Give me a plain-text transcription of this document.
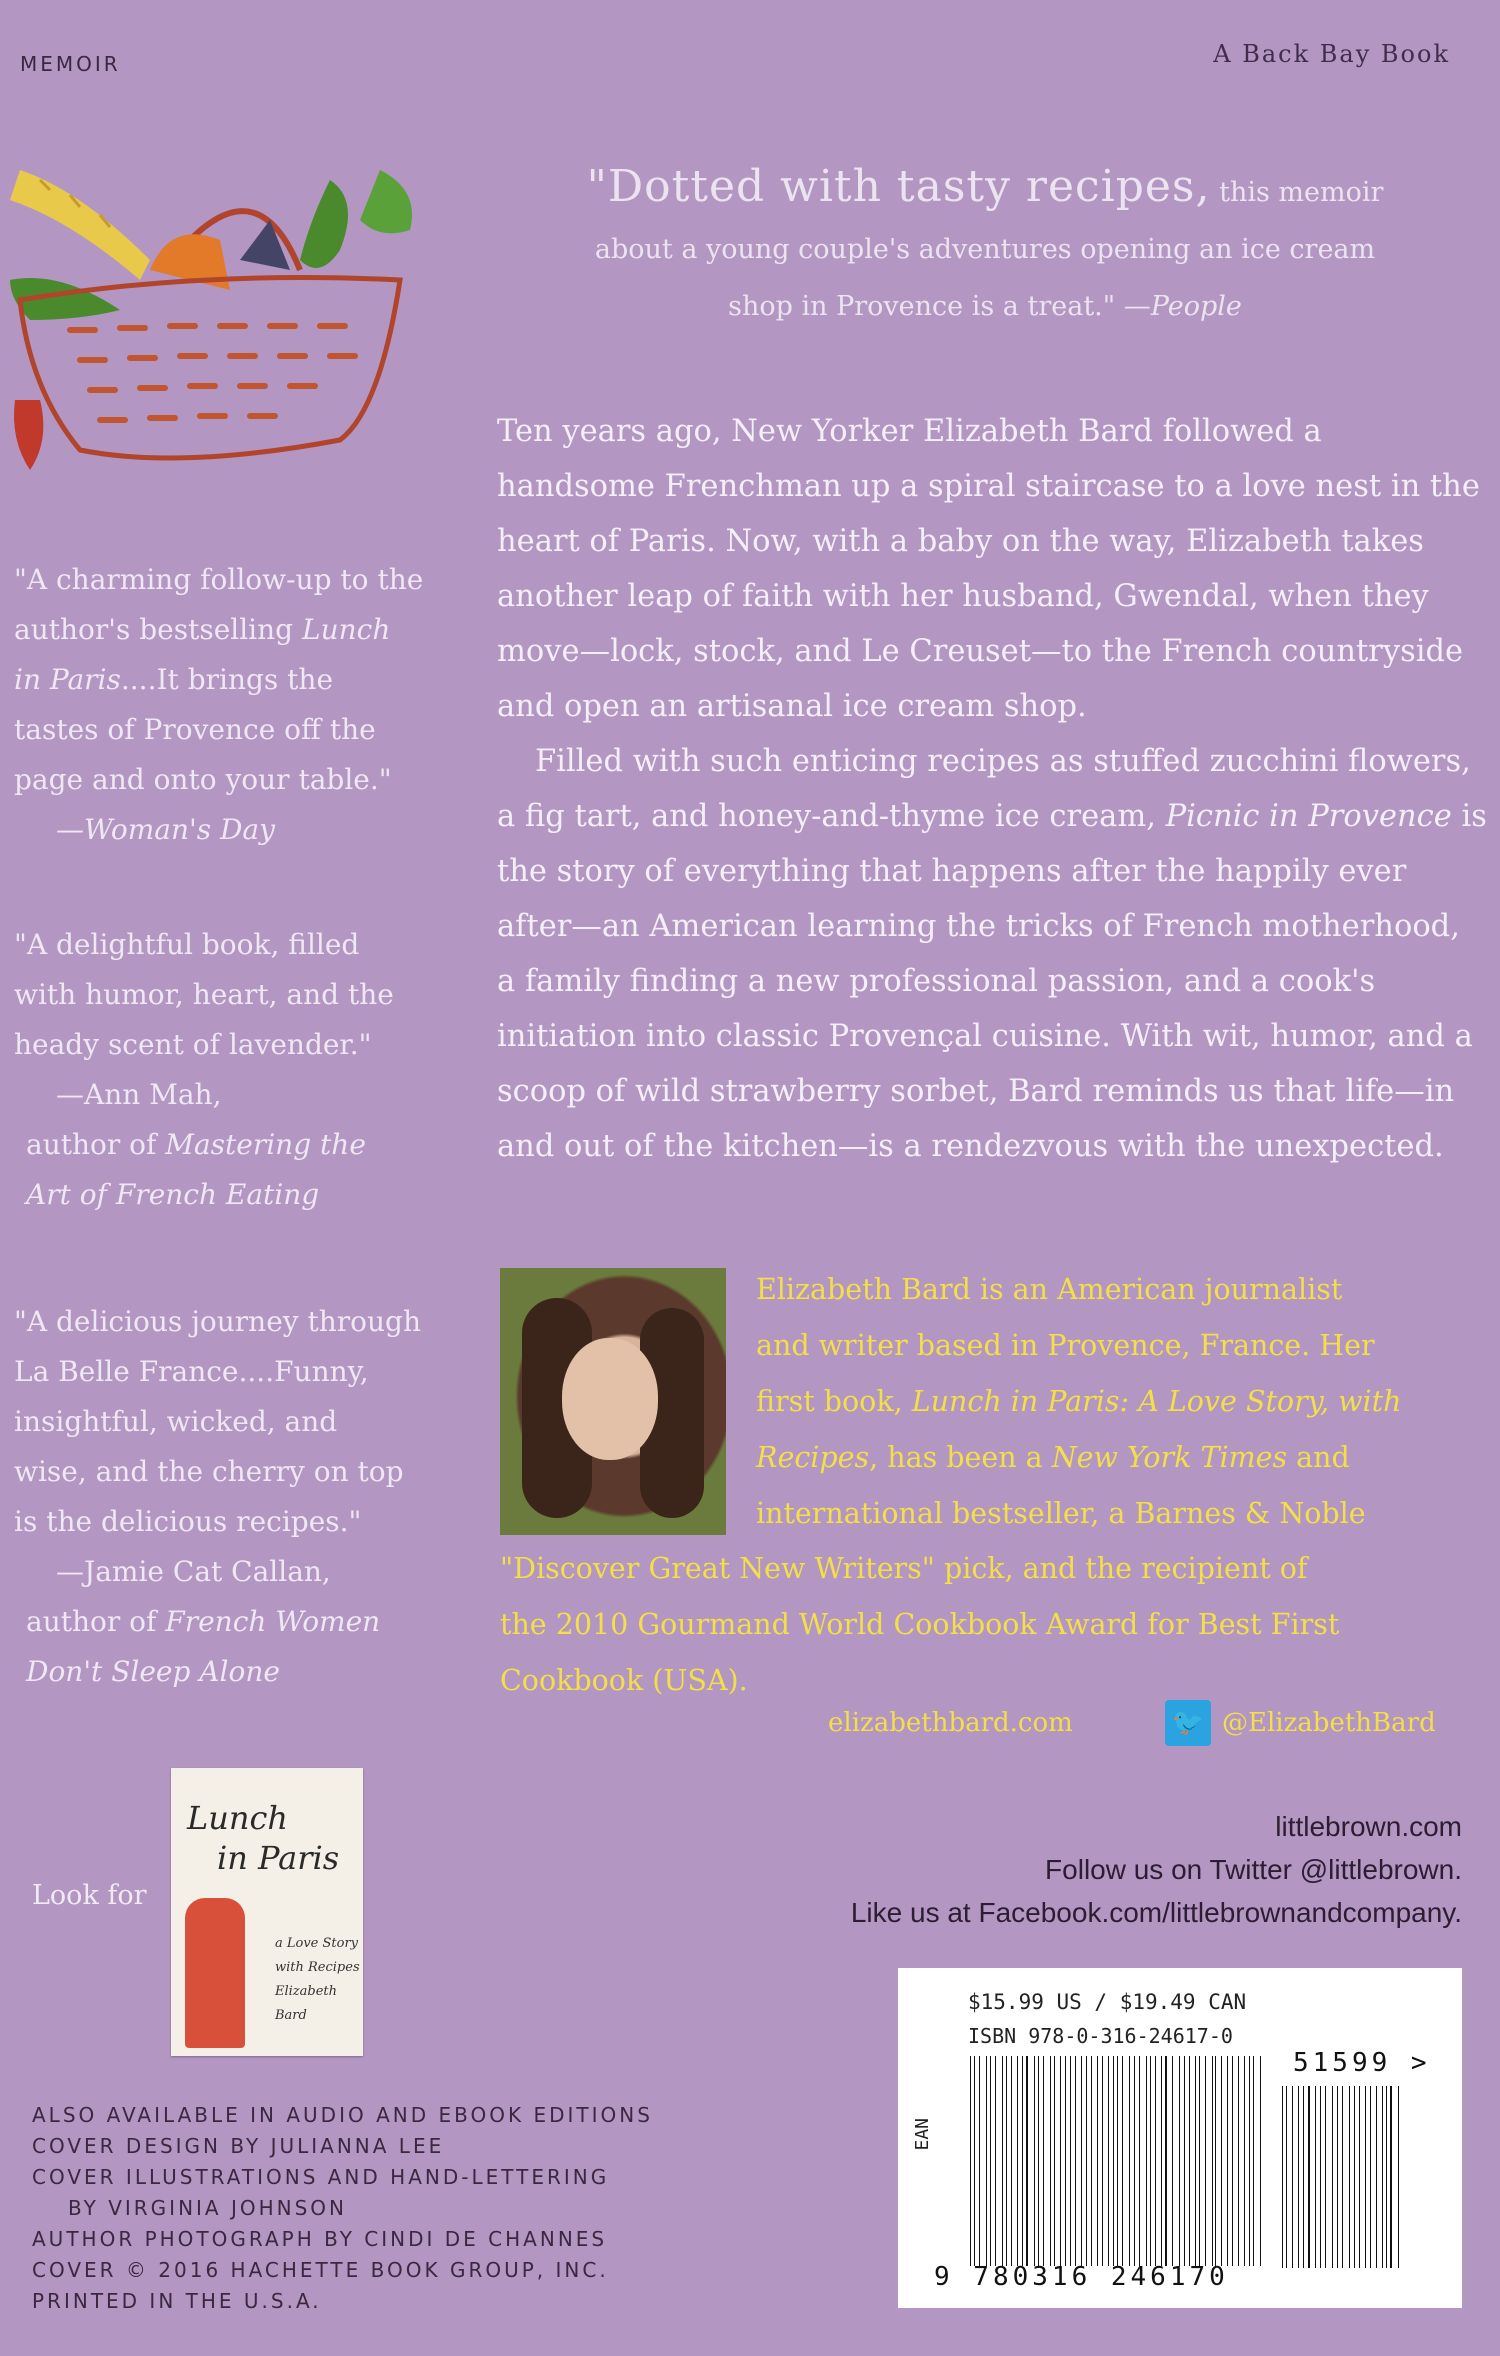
MEMOIR	A Back Bay Book
"Dotted with tasty recipes, this memoir
about a young couple's adventures opening an ice cream
shop in Provence is a treat." —People

Ten years ago, New Yorker Elizabeth Bard followed a handsome Frenchman up a spiral staircase to a love nest in the heart of Paris. Now, with a baby on the way, Elizabeth takes another leap of faith with her husband, Gwendal, when they move—lock, stock, and Le Creuset—to the French countryside and open an artisanal ice cream shop.

Filled with such enticing recipes as stuffed zucchini flowers, a fig tart, and honey-and-thyme ice cream, Picnic in Provence is the story of everything that happens after the happily ever after—an American learning the tricks of French motherhood, a family finding a new professional passion, and a cook's initiation into classic Provençal cuisine. With wit, humor, and a scoop of wild strawberry sorbet, Bard reminds us that life—in and out of the kitchen—is a rendezvous with the unexpected.

"A charming follow-up to the
author's bestselling Lunch
in Paris....It brings the
tastes of Provence off the
page and onto your table."
—Woman's Day
"A delightful book, filled
with humor, heart, and the
heady scent of lavender."
—Ann Mah,
author of Mastering the
Art of French Eating
"A delicious journey through
La Belle France....Funny,
insightful, wicked, and
wise, and the cherry on top
is the delicious recipes."
—Jamie Cat Callan,
author of French Women
Don't Sleep Alone
Elizabeth Bard is an American journalist
and writer based in Provence, France. Her
first book, Lunch in Paris: A Love Story, with
Recipes, has been a New York Times and
international bestseller, a Barnes & Noble
"Discover Great New Writers" pick, and the recipient of
the 2010 Gourmand World Cookbook Award for Best First
Cookbook (USA).
elizabethbard.com	🐦 @ElizabethBard
littlebrown.com
Follow us on Twitter @littlebrown.
Like us at Facebook.com/littlebrownandcompany.
Look for
Lunch
in Paris
a Love Story
with Recipes
Elizabeth Bard
ALSO AVAILABLE IN AUDIO AND EBOOK EDITIONS
COVER DESIGN BY JULIANNA LEE
COVER ILLUSTRATIONS AND HAND-LETTERING
BY VIRGINIA JOHNSON
AUTHOR PHOTOGRAPH BY CINDI DE CHANNES
COVER © 2016 HACHETTE BOOK GROUP, INC.
PRINTED IN THE U.S.A.
$15.99 US / $19.49 CAN
ISBN 978-0-316-24617-0
EAN
9 780316 246170
51599 >
